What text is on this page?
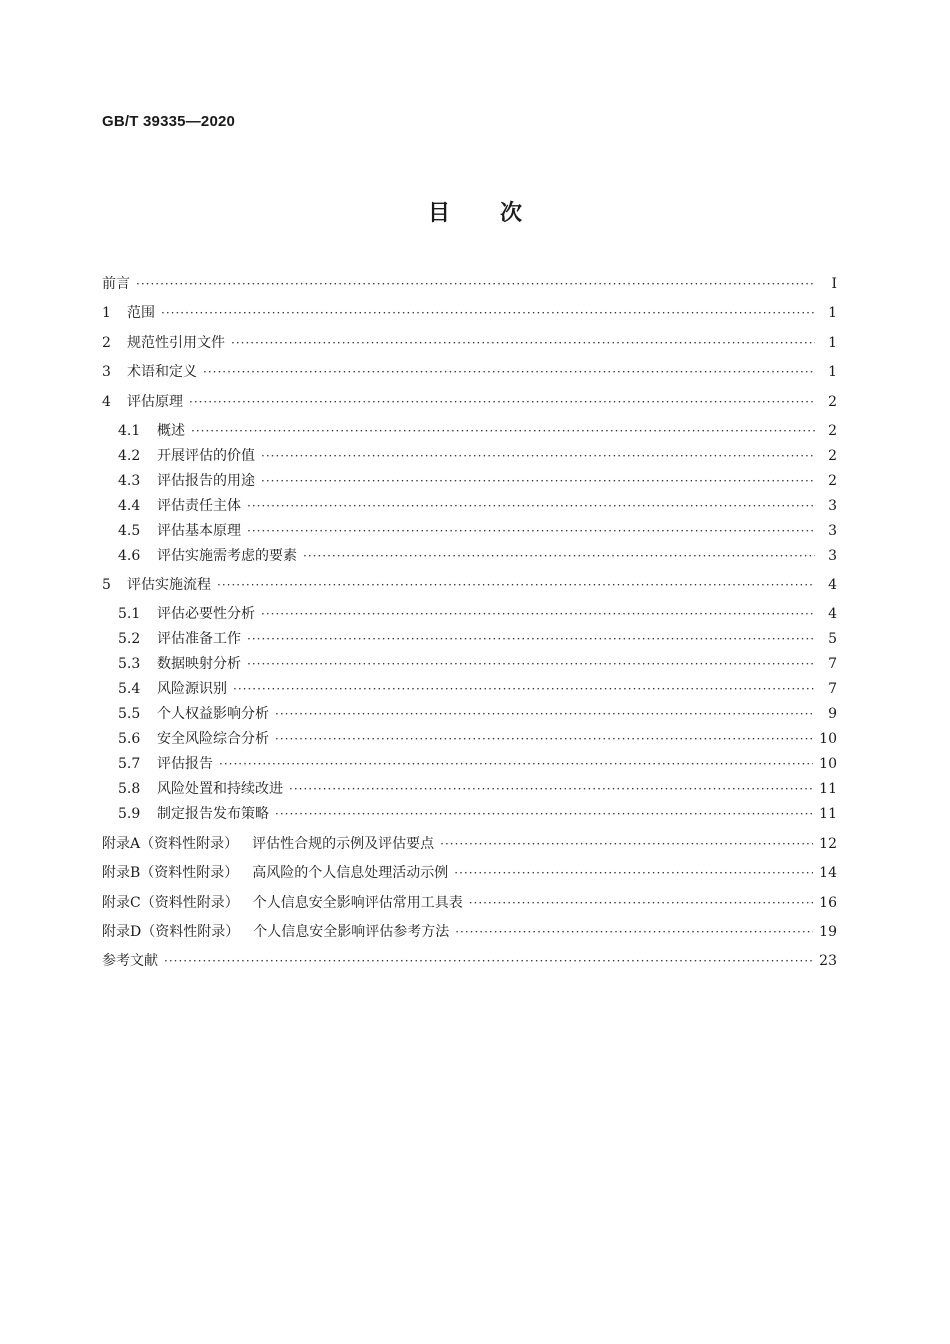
GB/T 39335—2020
目次
前言 ·····	Ⅰ
1	范围 ·····	1
2	规范性引用文件 ·····	1
3	术语和定义 ·····	1
4	评估原理 ·····	2
4.1	概述 ·····	2
4.2	开展评估的价值 ·····	2
4.3	评估报告的用途 ·····	2
4.4	评估责任主体 ·····	3
4.5	评估基本原理 ·····	3
4.6	评估实施需考虑的要素 ·····	3
5	评估实施流程 ·····	4
5.1	评估必要性分析 ·····	4
5.2	评估准备工作 ·····	5
5.3	数据映射分析 ·····	7
5.4	风险源识别 ·····	7
5.5	个人权益影响分析 ·····	9
5.6	安全风险综合分析 ·····	10
5.7	评估报告 ·····	10
5.8	风险处置和持续改进 ·····	11
5.9	制定报告发布策略 ·····	11
附录A（资料性附录） 评估性合规的示例及评估要点 ·····	12
附录B（资料性附录） 高风险的个人信息处理活动示例 ·····	14
附录C（资料性附录） 个人信息安全影响评估常用工具表 ·····	16
附录D（资料性附录） 个人信息安全影响评估参考方法 ·····	19
参考文献 ·····	23
